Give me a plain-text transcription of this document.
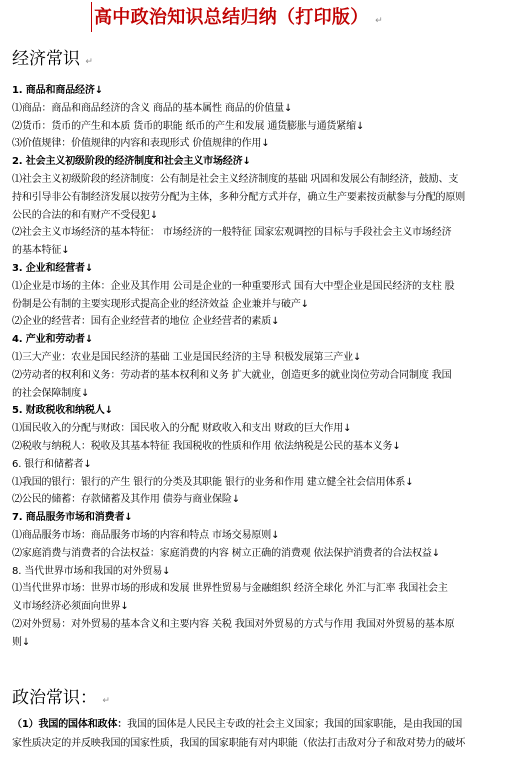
高中政治知识总结归纳（打印版） ↵
经济常识 ↵
1. 商品和商品经济↓
⑴商品：商品和商品经济的含义 商品的基本属性 商品的价值量↓
⑵货币：货币的产生和本质 货币的职能 纸币的产生和发展 通货膨胀与通货紧缩↓
⑶价值规律：价值规律的内容和表现形式 价值规律的作用↓
2. 社会主义初级阶段的经济制度和社会主义市场经济↓
⑴社会主义初级阶段的经济制度：公有制是社会主义经济制度的基础 巩固和发展公有制经济，鼓励、支
持和引导非公有制经济发展以按劳分配为主体，多种分配方式并存，确立生产要素按贡献参与分配的原则
公民的合法的和有财产不受侵犯↓
⑵社会主义市场经济的基本特征： 市场经济的一般特征 国家宏观调控的目标与手段社会主义市场经济
的基本特征↓
3. 企业和经营者↓
⑴企业是市场的主体：企业及其作用 公司是企业的一种重要形式 国有大中型企业是国民经济的支柱 股
份制是公有制的主要实现形式提高企业的经济效益 企业兼并与破产↓
⑵企业的经营者：国有企业经营者的地位 企业经营者的素质↓
4. 产业和劳动者↓
⑴三大产业：农业是国民经济的基础 工业是国民经济的主导 积极发展第三产业↓
⑵劳动者的权利和义务：劳动者的基本权利和义务 扩大就业，创造更多的就业岗位劳动合同制度 我国
的社会保障制度↓
5. 财政税收和纳税人↓
⑴国民收入的分配与财政：国民收入的分配 财政收入和支出 财政的巨大作用↓
⑵税收与纳税人：税收及其基本特征 我国税收的性质和作用 依法纳税是公民的基本义务↓
6. 银行和储蓄者↓
⑴我国的银行：银行的产生 银行的分类及其职能 银行的业务和作用 建立健全社会信用体系↓
⑵公民的储蓄：存款储蓄及其作用 债券与商业保险↓
7. 商品服务市场和消费者↓
⑴商品服务市场：商品服务市场的内容和特点 市场交易原则↓
⑵家庭消费与消费者的合法权益：家庭消费的内容 树立正确的消费观 依法保护消费者的合法权益↓
8. 当代世界市场和我国的对外贸易↓
⑴当代世界市场：世界市场的形成和发展 世界性贸易与金融组织 经济全球化 外汇与汇率 我国社会主
义市场经济必须面向世界↓
⑵对外贸易：对外贸易的基本含义和主要内容 关税 我国对外贸易的方式与作用 我国对外贸易的基本原
则↓
政治常识： ↵
（1）我国的国体和政体：我国的国体是人民民主专政的社会主义国家；我国的国家职能，是由我国的国
家性质决定的并反映我国的国家性质，我国的国家职能有对内职能（依法打击敌对分子和敌对势力的破坏
